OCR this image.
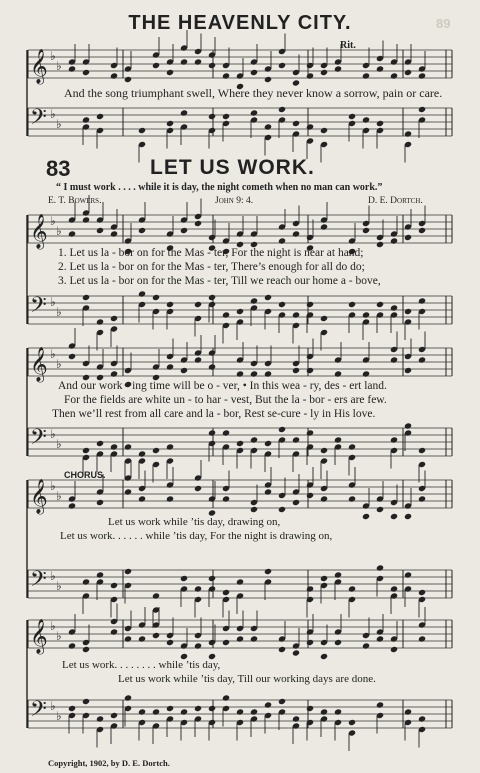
THE HEAVENLY CITY.	89
Rit.
𝄞 ♭
♭
𝄢 ♭
♭
𝄞 ♭
♭
𝄢 ♭
♭
𝄞 ♭
♭
𝄢 ♭
♭
𝄞 ♭
♭
𝄢 ♭
♭
𝄞 ♭
♭
𝄢 ♭
♭
And the song triumphant swell, Where they never know a sorrow, pain or care.
83	LET US WORK.
“ I must work . . . . while it is day, the night cometh when no man can work.”
E. T. Bowers.	John 9: 4.	D. E. Dortch.
1. Let us la - bor on for the Mas - ter, For the night is near at hand;
2. Let us la - bor on for the Mas - ter, There’s enough for all do do;
3. Let us la - bor on for the Mas - ter, Till we reach our home a - bove,
And our work - ing time will be o - ver, • In this wea - ry, des - ert land.
For the fields are white un - to har - vest, But the la - bor - ers are few.
Then we’ll rest from all care and la - bor, Rest se-cure - ly in His love.
CHORUS.
Let us work while ’tis day, drawing on,
Let us work. . . . . . while ’tis day, For the night is drawing on,
Let us work. . . . . . . . while ’tis day,
Let us work while ’tis day, Till our working days are done.
Copyright, 1902, by D. E. Dortch.
